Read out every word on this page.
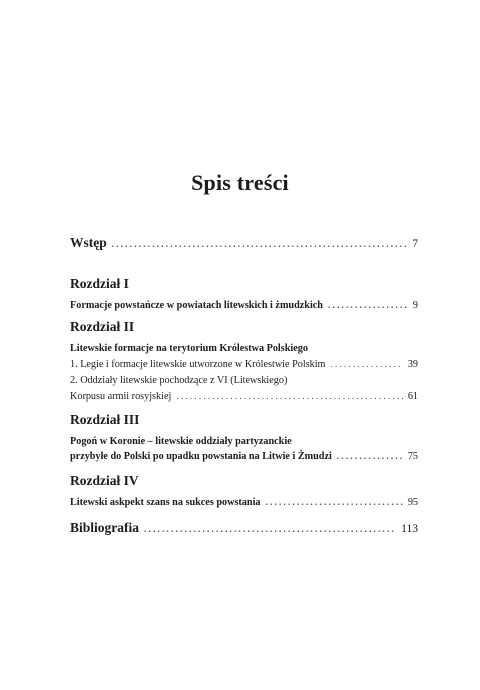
Spis treści
Wstęp . . .	7
Rozdział I
Formacje powstańcze w powiatach litewskich i żmudzkich . . .	9
Rozdział II
Litewskie formacje na terytorium Królestwa Polskiego
1. Legie i formacje litewskie utworzone w Królestwie Polskim . . .	39
2. Oddziały litewskie pochodzące z VI (Litewskiego)
Korpusu armii rosyjskiej . . .	61
Rozdział III
Pogoń w Koronie – litewskie oddziały partyzanckie
przybyłe do Polski po upadku powstania na Litwie i Żmudzi . . .	75
Rozdział IV
Litewski askpekt szans na sukces powstania . . .	95
Bibliografia . . .	113
